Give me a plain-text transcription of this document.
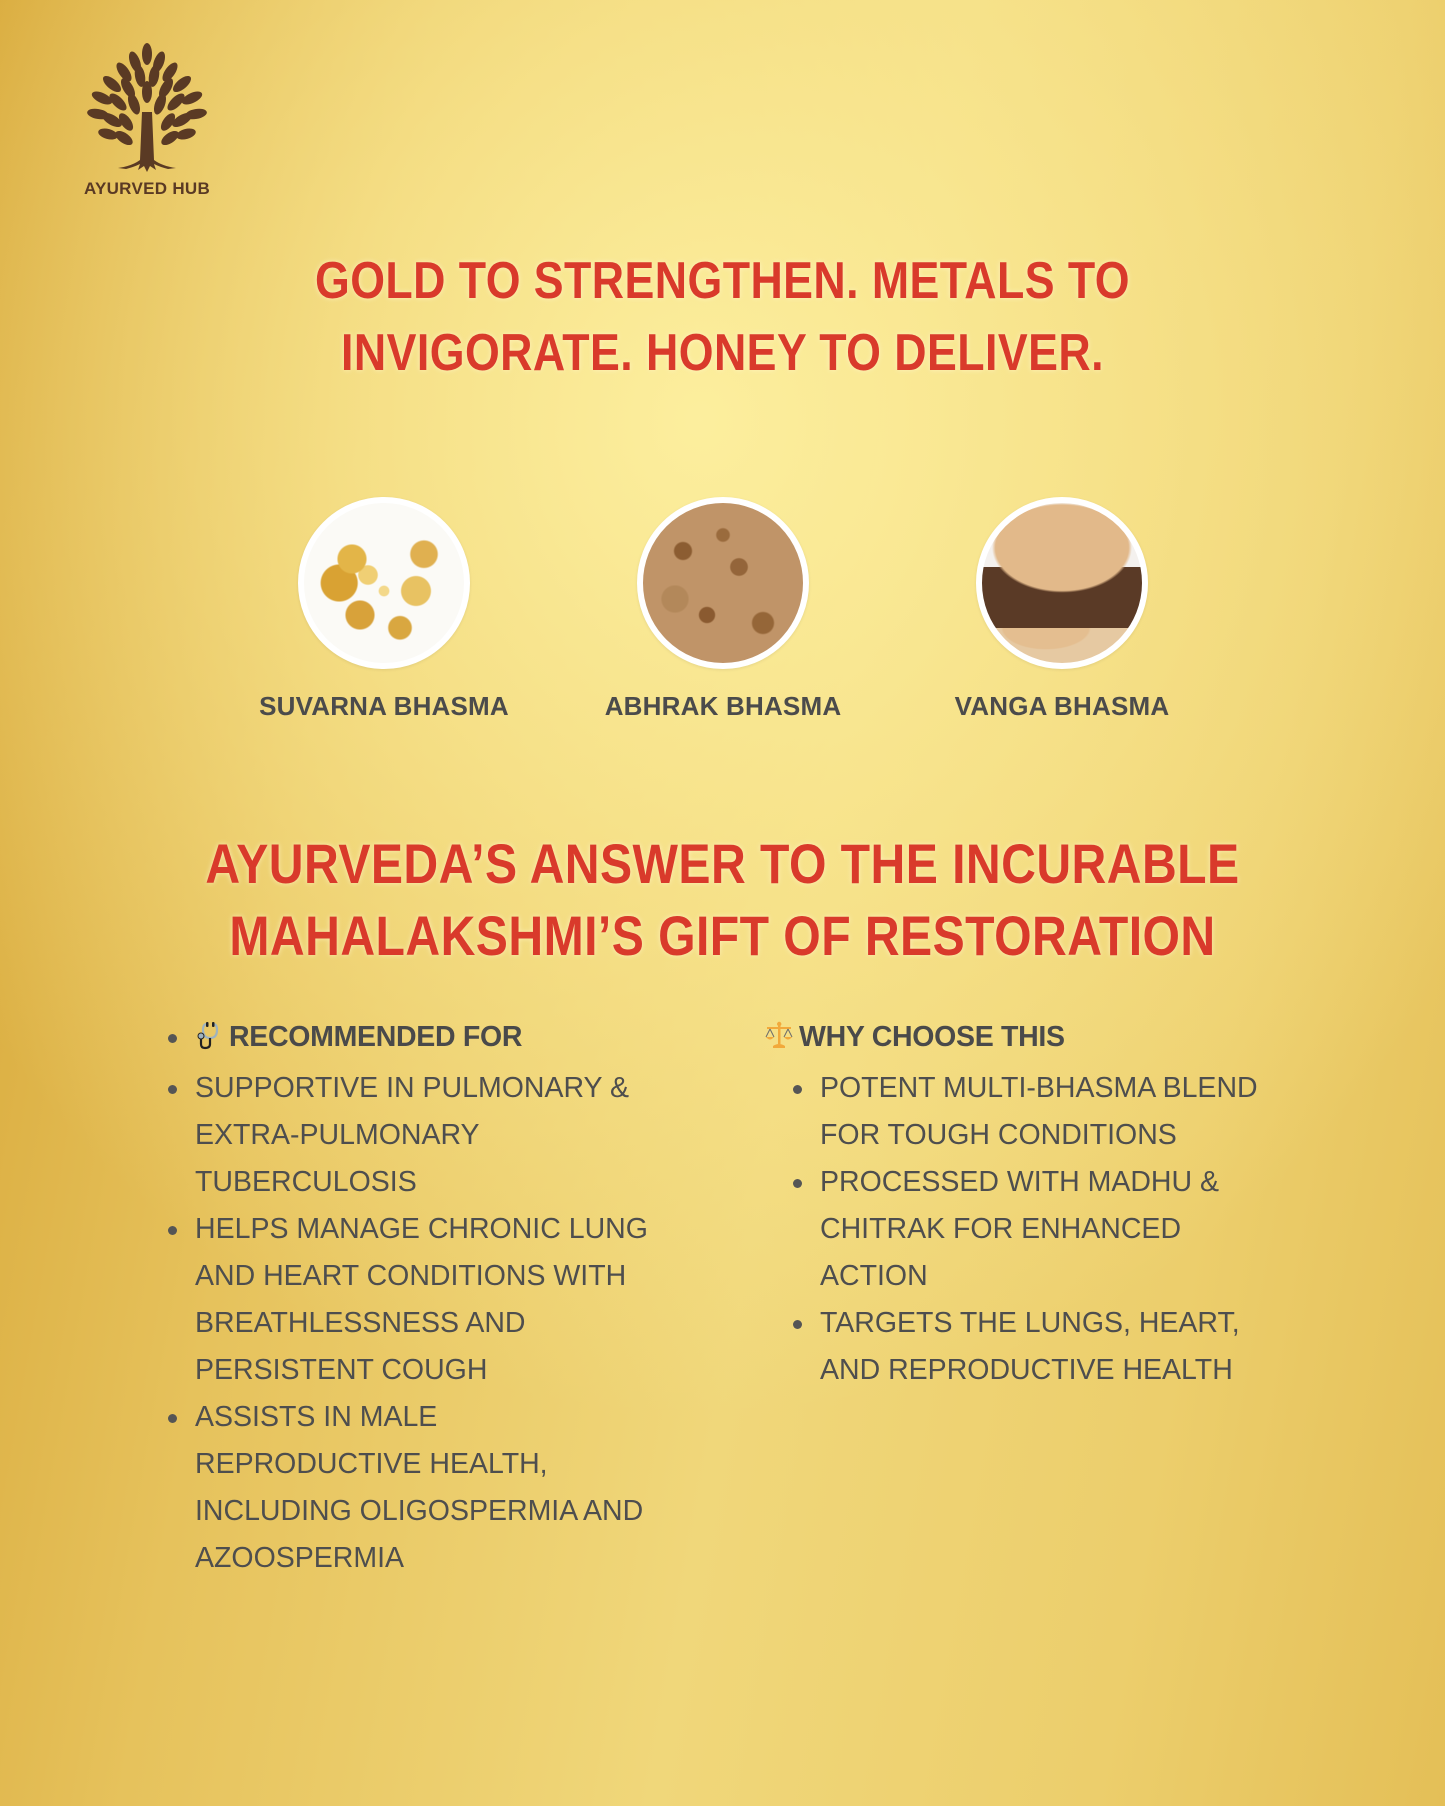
AYURVED HUB
GOLD TO STRENGTHEN. METALS TO
INVIGORATE. HONEY TO DELIVER.
SUVARNA BHASMA	ABHRAK BHASMA	VANGA BHASMA
AYURVEDA’S ANSWER TO THE INCURABLE
MAHALAKSHMI’S GIFT OF RESTORATION
RECOMMENDED FOR
SUPPORTIVE IN PULMONARY & EXTRA-PULMONARY TUBERCULOSIS
HELPS MANAGE CHRONIC LUNG AND HEART CONDITIONS WITH BREATHLESSNESS AND PERSISTENT COUGH
ASSISTS IN MALE REPRODUCTIVE HEALTH, INCLUDING OLIGOSPERMIA AND AZOOSPERMIA
WHY CHOOSE THIS
POTENT MULTI-BHASMA BLEND FOR TOUGH CONDITIONS
PROCESSED WITH MADHU & CHITRAK FOR ENHANCED ACTION
TARGETS THE LUNGS, HEART, AND REPRODUCTIVE HEALTH
